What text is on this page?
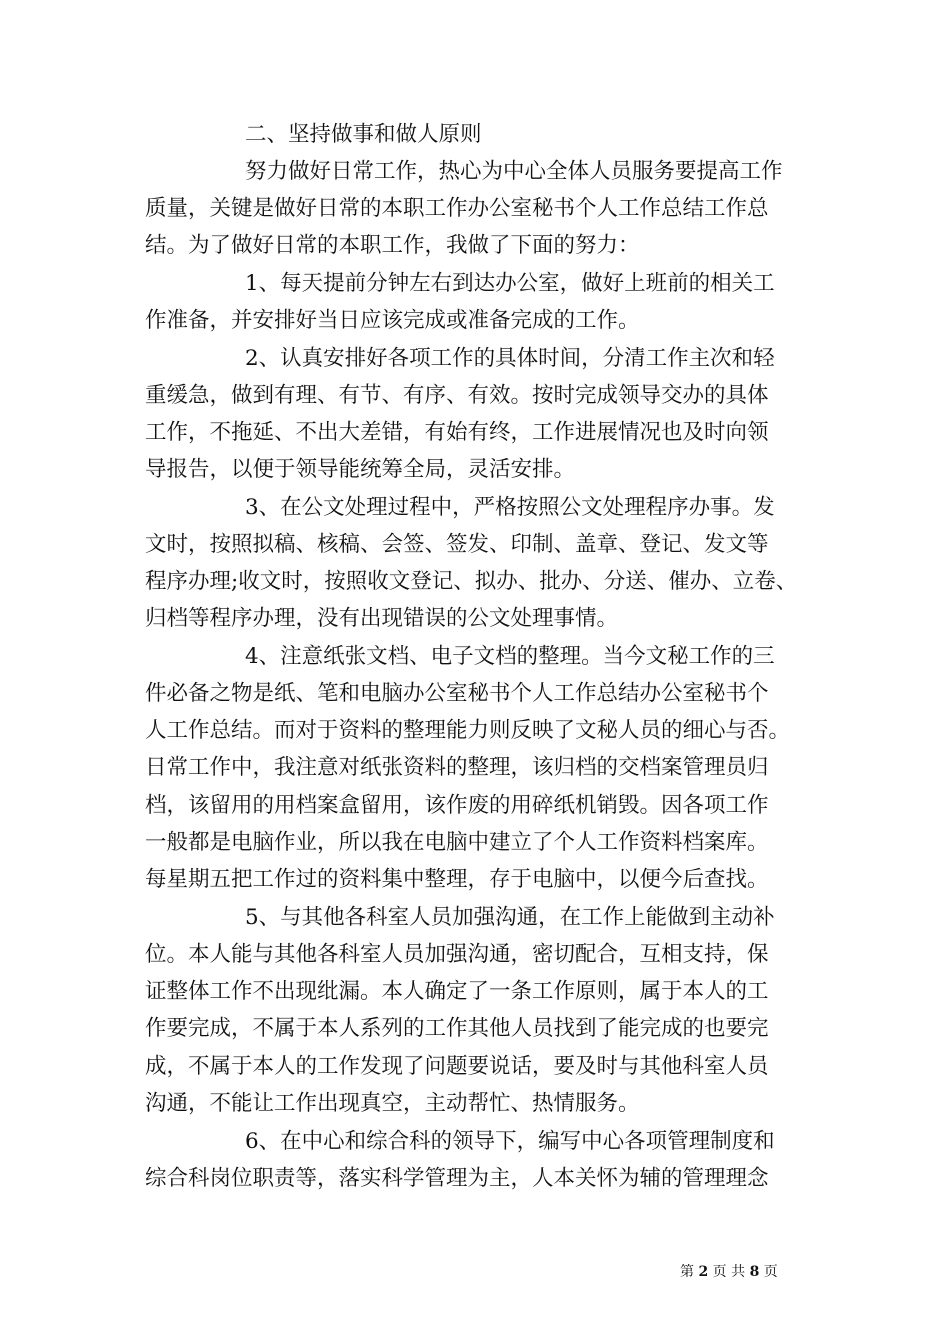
二、坚持做事和做人原则
努力做好日常工作，热心为中心全体人员服务要提高工作
质量，关键是做好日常的本职工作办公室秘书个人工作总结工作总
结。为了做好日常的本职工作，我做了下面的努力：
1、每天提前分钟左右到达办公室，做好上班前的相关工
作准备，并安排好当日应该完成或准备完成的工作。
2、认真安排好各项工作的具体时间，分清工作主次和轻
重缓急，做到有理、有节、有序、有效。按时完成领导交办的具体
工作，不拖延、不出大差错，有始有终，工作进展情况也及时向领
导报告，以便于领导能统筹全局，灵活安排。
3、在公文处理过程中，严格按照公文处理程序办事。发
文时，按照拟稿、核稿、会签、签发、印制、盖章、登记、发文等
程序办理;收文时，按照收文登记、拟办、批办、分送、催办、立卷、
归档等程序办理，没有出现错误的公文处理事情。
4、注意纸张文档、电子文档的整理。当今文秘工作的三
件必备之物是纸、笔和电脑办公室秘书个人工作总结办公室秘书个
人工作总结。而对于资料的整理能力则反映了文秘人员的细心与否。
日常工作中，我注意对纸张资料的整理，该归档的交档案管理员归
档，该留用的用档案盒留用，该作废的用碎纸机销毁。因各项工作
一般都是电脑作业，所以我在电脑中建立了个人工作资料档案库。
每星期五把工作过的资料集中整理，存于电脑中，以便今后查找。
5、与其他各科室人员加强沟通，在工作上能做到主动补
位。本人能与其他各科室人员加强沟通，密切配合，互相支持，保
证整体工作不出现纰漏。本人确定了一条工作原则，属于本人的工
作要完成，不属于本人系列的工作其他人员找到了能完成的也要完
成，不属于本人的工作发现了问题要说话，要及时与其他科室人员
沟通，不能让工作出现真空，主动帮忙、热情服务。
6、在中心和综合科的领导下，编写中心各项管理制度和
综合科岗位职责等，落实科学管理为主，人本关怀为辅的管理理念
第 2 页 共 8 页
